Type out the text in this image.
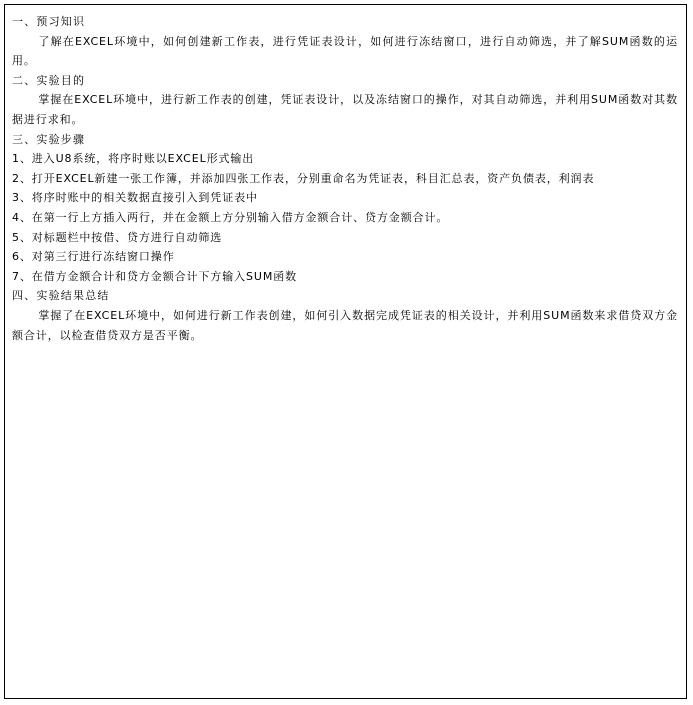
一、预习知识

了解在EXCEL环境中，如何创建新工作表，进行凭证表设计，如何进行冻结窗口，进行自动筛选，并了解SUM函数的运用。

二、实验目的

掌握在EXCEL环境中，进行新工作表的创建，凭证表设计，以及冻结窗口的操作，对其自动筛选，并利用SUM函数对其数据进行求和。

三、实验步骤

1、进入U8系统，将序时账以EXCEL形式输出

2、打开EXCEL新建一张工作簿，并添加四张工作表，分别重命名为凭证表，科目汇总表，资产负债表，利润表

3、将序时账中的相关数据直接引入到凭证表中

4、在第一行上方插入两行，并在金额上方分别输入借方金额合计、贷方金额合计。

5、对标题栏中按借、贷方进行自动筛选

6、对第三行进行冻结窗口操作

7、在借方金额合计和贷方金额合计下方输入SUM函数

四、实验结果总结

掌握了在EXCEL环境中，如何进行新工作表创建，如何引入数据完成凭证表的相关设计，并利用SUM函数来求借贷双方金额合计，以检查借贷双方是否平衡。
